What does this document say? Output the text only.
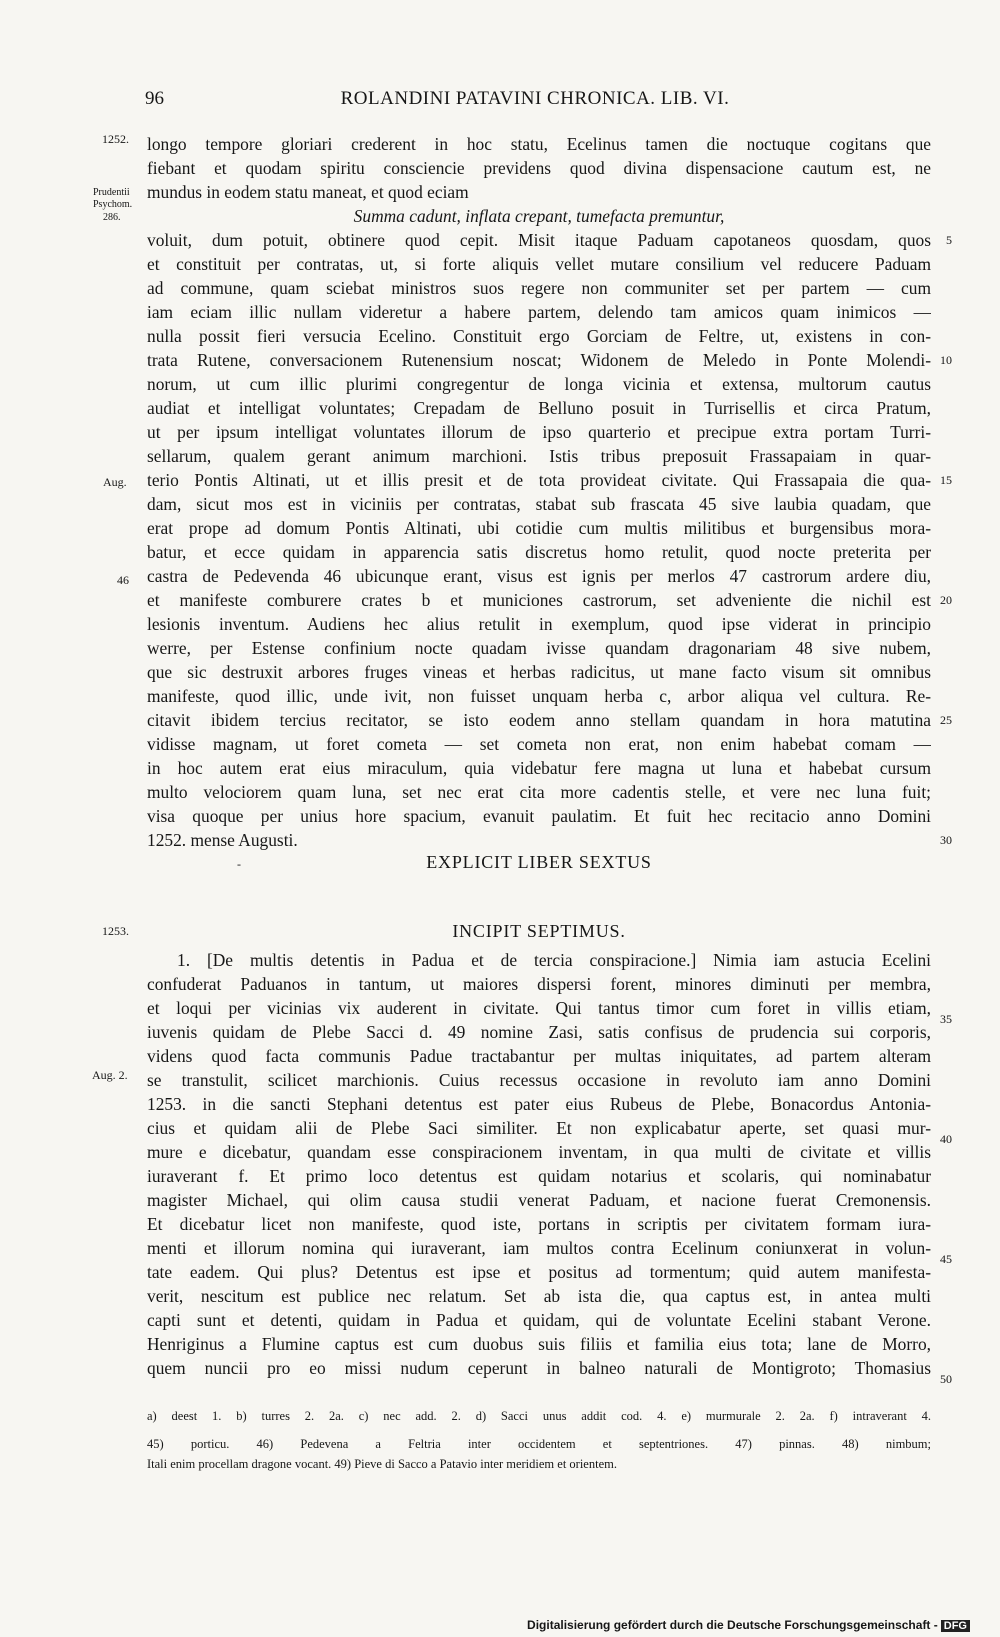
96	ROLANDINI PATAVINI CHRONICA. LIB. VI.
1252.
Prudentii
Psychom.
286.
Aug.
46
1253.
Aug. 2.
5
10
15
20
25
30
35
40
45
50
longo tempore gloriari crederent in hoc statu, Ecelinus tamen die noctuque cogitans que
fiebant et quodam spiritu consciencie previdens quod divina dispensacione cautum est, ne
mundus in eodem statu maneat, et quod eciam
Summa cadunt, inflata crepant, tumefacta premuntur,
voluit, dum potuit, obtinere quod cepit. Misit itaque Paduam capotaneos quosdam, quos
et constituit per contratas, ut, si forte aliquis vellet mutare consilium vel reducere Paduam
ad commune, quam sciebat ministros suos regere non communiter set per partem — cum
iam eciam illic nullam videretur a habere partem, delendo tam amicos quam inimicos —
nulla possit fieri versucia Ecelino. Constituit ergo Gorciam de Feltre, ut, existens in con-
trata Rutene, conversacionem Rutenensium noscat; Widonem de Meledo in Ponte Molendi-
norum, ut cum illic plurimi congregentur de longa vicinia et extensa, multorum cautus
audiat et intelligat voluntates; Crepadam de Belluno posuit in Turrisellis et circa Pratum,
ut per ipsum intelligat voluntates illorum de ipso quarterio et precipue extra portam Turri-
sellarum, qualem gerant animum marchioni. Istis tribus preposuit Frassapaiam in quar-
terio Pontis Altinati, ut et illis presit et de tota provideat civitate. Qui Frassapaia die qua-
dam, sicut mos est in viciniis per contratas, stabat sub frascata 45 sive laubia quadam, que
erat prope ad domum Pontis Altinati, ubi cotidie cum multis militibus et burgensibus mora-
batur, et ecce quidam in apparencia satis discretus homo retulit, quod nocte preterita per
castra de Pedevenda 46 ubicunque erant, visus est ignis per merlos 47 castrorum ardere diu,
et manifeste comburere crates b et municiones castrorum, set adveniente die nichil est
lesionis inventum. Audiens hec alius retulit in exemplum, quod ipse viderat in principio
werre, per Estense confinium nocte quadam ivisse quandam dragonariam 48 sive nubem,
que sic destruxit arbores fruges vineas et herbas radicitus, ut mane facto visum sit omnibus
manifeste, quod illic, unde ivit, non fuisset unquam herba c, arbor aliqua vel cultura. Re-
citavit ibidem tercius recitator, se isto eodem anno stellam quandam in hora matutina
vidisse magnam, ut foret cometa — set cometa non erat, non enim habebat comam —
in hoc autem erat eius miraculum, quia videbatur fere magna ut luna et habebat cursum
multo velociorem quam luna, set nec erat cita more cadentis stelle, et vere nec luna fuit;
visa quoque per unius hore spacium, evanuit paulatim. Et fuit hec recitacio anno Domini
1252. mense Augusti.
EXPLICIT LIBER SEXTUS
-
INCIPIT SEPTIMUS.
1. [De multis detentis in Padua et de tercia conspiracione.] Nimia iam astucia Ecelini
confuderat Paduanos in tantum, ut maiores dispersi forent, minores diminuti per membra,
et loqui per vicinias vix auderent in civitate. Qui tantus timor cum foret in villis etiam,
iuvenis quidam de Plebe Sacci d. 49 nomine Zasi, satis confisus de prudencia sui corporis,
videns quod facta communis Padue tractabantur per multas iniquitates, ad partem alteram
se transtulit, scilicet marchionis. Cuius recessus occasione in revoluto iam anno Domini
1253. in die sancti Stephani detentus est pater eius Rubeus de Plebe, Bonacordus Antonia-
cius et quidam alii de Plebe Saci similiter. Et non explicabatur aperte, set quasi mur-
mure e dicebatur, quandam esse conspiracionem inventam, in qua multi de civitate et villis
iuraverant f. Et primo loco detentus est quidam notarius et scolaris, qui nominabatur
magister Michael, qui olim causa studii venerat Paduam, et nacione fuerat Cremonensis.
Et dicebatur licet non manifeste, quod iste, portans in scriptis per civitatem formam iura-
menti et illorum nomina qui iuraverant, iam multos contra Ecelinum coniunxerat in volun-
tate eadem. Qui plus? Detentus est ipse et positus ad tormentum; quid autem manifesta-
verit, nescitum est publice nec relatum. Set ab ista die, qua captus est, in antea multi
capti sunt et detenti, quidam in Padua et quidam, qui de voluntate Ecelini stabant Verone.
Henriginus a Flumine captus est cum duobus suis filiis et familia eius tota; lane de Morro,
quem nuncii pro eo missi nudum ceperunt in balneo naturali de Montigroto; Thomasius
a) deest 1. b) turres 2. 2a. c) nec add. 2. d) Sacci unus addit cod. 4. e) murmurale 2. 2a. f) intraverant 4.
45) porticu. 46) Pedevena a Feltria inter occidentem et septentriones. 47) pinnas. 48) nimbum;
Itali enim procellam dragone vocant. 49) Pieve di Sacco a Patavio inter meridiem et orientem.
Digitalisierung gefördert durch die Deutsche Forschungsgemeinschaft - DFG
